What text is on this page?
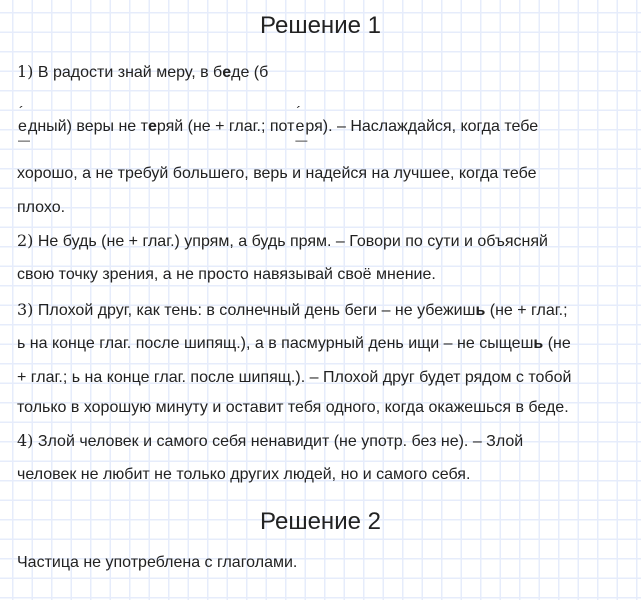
Решение 1
1) В радости знай меру, в беде (б
´
е
—
дный) веры не теряй (не + глаг.; пот
´
е
—
ря). – Наслаждайся, когда тебе
хорошо, а не требуй большего, верь и надейся на лучшее, когда тебе
плохо.
2) Не будь (не + глаг.) упрям, а будь прям. – Говори по сути и объясняй
свою точку зрения, а не просто навязывай своё мнение.
3) Плохой друг, как тень: в солнечный день беги – не убежишь (не + глаг.;
ь на конце глаг. после шипящ.), а в пасмурный день ищи – не сыщешь (не
+ глаг.; ь на конце глаг. после шипящ.). – Плохой друг будет рядом с тобой
только в хорошую минуту и оставит тебя одного, когда окажешься в беде.
4) Злой человек и самого себя ненавидит (не употр. без не). – Злой
человек не любит не только других людей, но и самого себя.
Решение 2
Частица не употреблена с глаголами.
